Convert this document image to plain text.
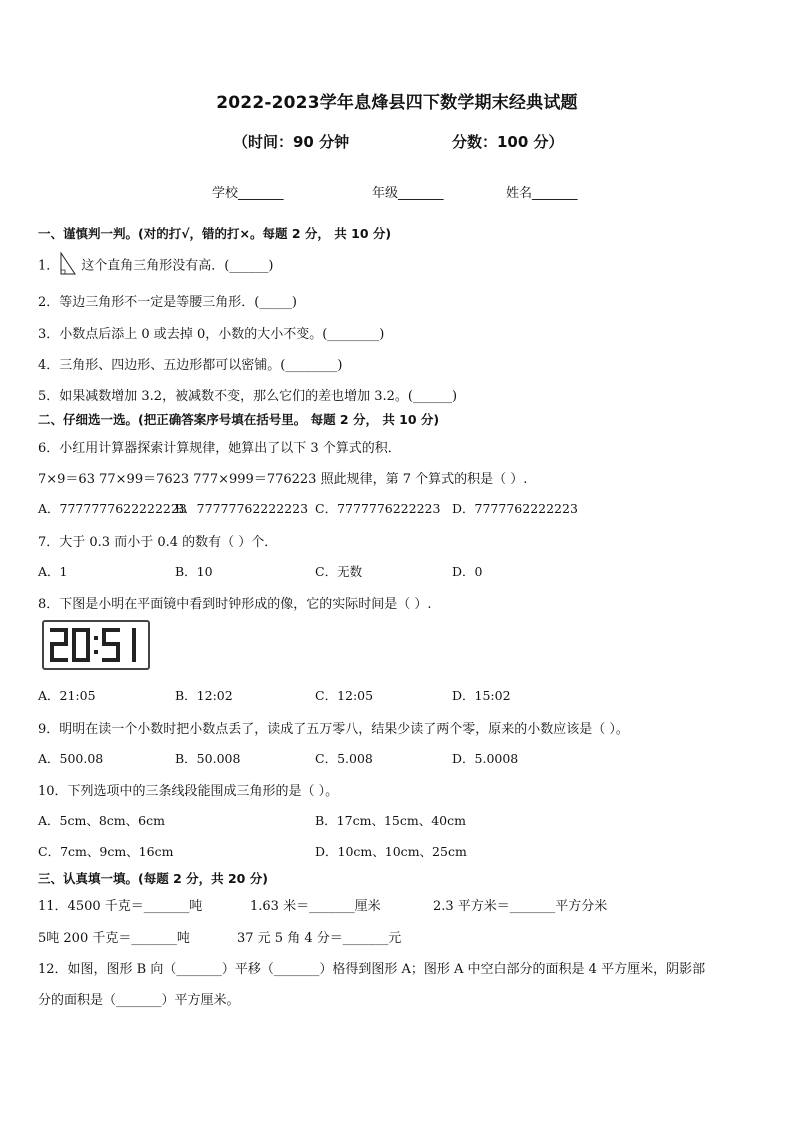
2022-2023学年息烽县四下数学期末经典试题
（时间：90 分钟	分数：100 分）
学校_______	年级_______	姓名_______
一、谨慎判一判。(对的打√，错的打×。每题 2 分， 共 10 分)
1． 这个直角三角形没有高．(______)
2．等边三角形不一定是等腰三角形．(_____)
3．小数点后添上 0 或去掉 0，小数的大小不变。(________)
4．三角形、四边形、五边形都可以密铺。(________)
5．如果减数增加 3.2，被减数不变，那么它们的差也增加 3.2。(______)
二、仔细选一选。(把正确答案序号填在括号里。 每题 2 分， 共 10 分)
6．小红用计算器探索计算规律，她算出了以下 3 个算式的积．
7×9＝63 77×99＝7623 777×999＝776223 照此规律，第 7 个算式的积是（ ）.
A．7777777622222223
B．77777762222223 C．7777776222223 D．7777762222223
7．大于 0.3 而小于 0.4 的数有（ ）个．
A．1	B．10	C．无数	D．0
8．下图是小明在平面镜中看到时钟形成的像，它的实际时间是（ ）.
A．21:05	B．12:02	C．12:05	D．15:02
9．明明在读一个小数时把小数点丢了，读成了五万零八，结果少读了两个零，原来的小数应该是（ ）。
A．500.08	B．50.008	C．5.008	D．5.0008
10．下列选项中的三条线段能围成三角形的是（ ）。
A．5cm、8cm、6cm	B．17cm、15cm、40cm
C．7cm、9cm、16cm	D．10cm、10cm、25cm
三、认真填一填。(每题 2 分，共 20 分)
11．4500 千克＝_______吨	1.63 米＝_______厘米	2.3 平方米＝_______平方分米
5吨 200 千克＝_______吨	37 元 5 角 4 分＝_______元
12．如图，图形 B 向（_______）平移（_______）格得到图形 A；图形 A 中空白部分的面积是 4 平方厘米，阴影部
分的面积是（_______）平方厘米。
